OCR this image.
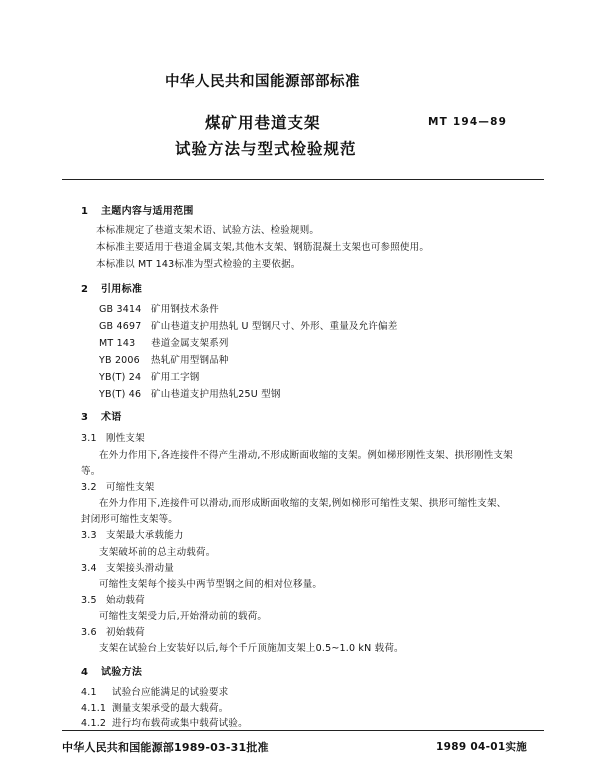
中华人民共和国能源部部标准
煤矿用巷道支架
试验方法与型式检验规范
MT 194—89
1 主题内容与适用范围
本标准规定了巷道支架术语、试验方法、检验规则。
本标准主要适用于巷道金属支架,其他木支架、钢筋混凝土支架也可参照使用。
本标准以 MT 143标准为型式检验的主要依据。
2 引用标准
GB 3414 矿用钢技术条件
GB 4697 矿山巷道支护用热轧 U 型钢尺寸、外形、重量及允许偏差
MT 143 巷道金属支架系列
YB 2006 热轧矿用型钢品种
YB(T) 24 矿用工字钢
YB(T) 46 矿山巷道支护用热轧25U 型钢
3 术语
3.1 刚性支架
在外力作用下,各连接件不得产生滑动,不形成断面收缩的支架。例如梯形刚性支架、拱形刚性支架
等。
3.2 可缩性支架
在外力作用下,连接件可以滑动,而形成断面收缩的支架,例如梯形可缩性支架、拱形可缩性支架、
封闭形可缩性支架等。
3.3 支架最大承载能力
支架破坏前的总主动载荷。
3.4 支架接头滑动量
可缩性支架每个接头中两节型钢之间的相对位移量。
3.5 始动载荷
可缩性支架受力后,开始滑动前的载荷。
3.6 初始载荷
支架在试验台上安装好以后,每个千斤顶施加支架上0.5~1.0 kN 载荷。
4 试验方法
4.1 试验台应能满足的试验要求
4.1.1 测量支架承受的最大载荷。
4.1.2 进行均布载荷或集中载荷试验。
中华人民共和国能源部1989-03-31批准	1989 04-01实施
